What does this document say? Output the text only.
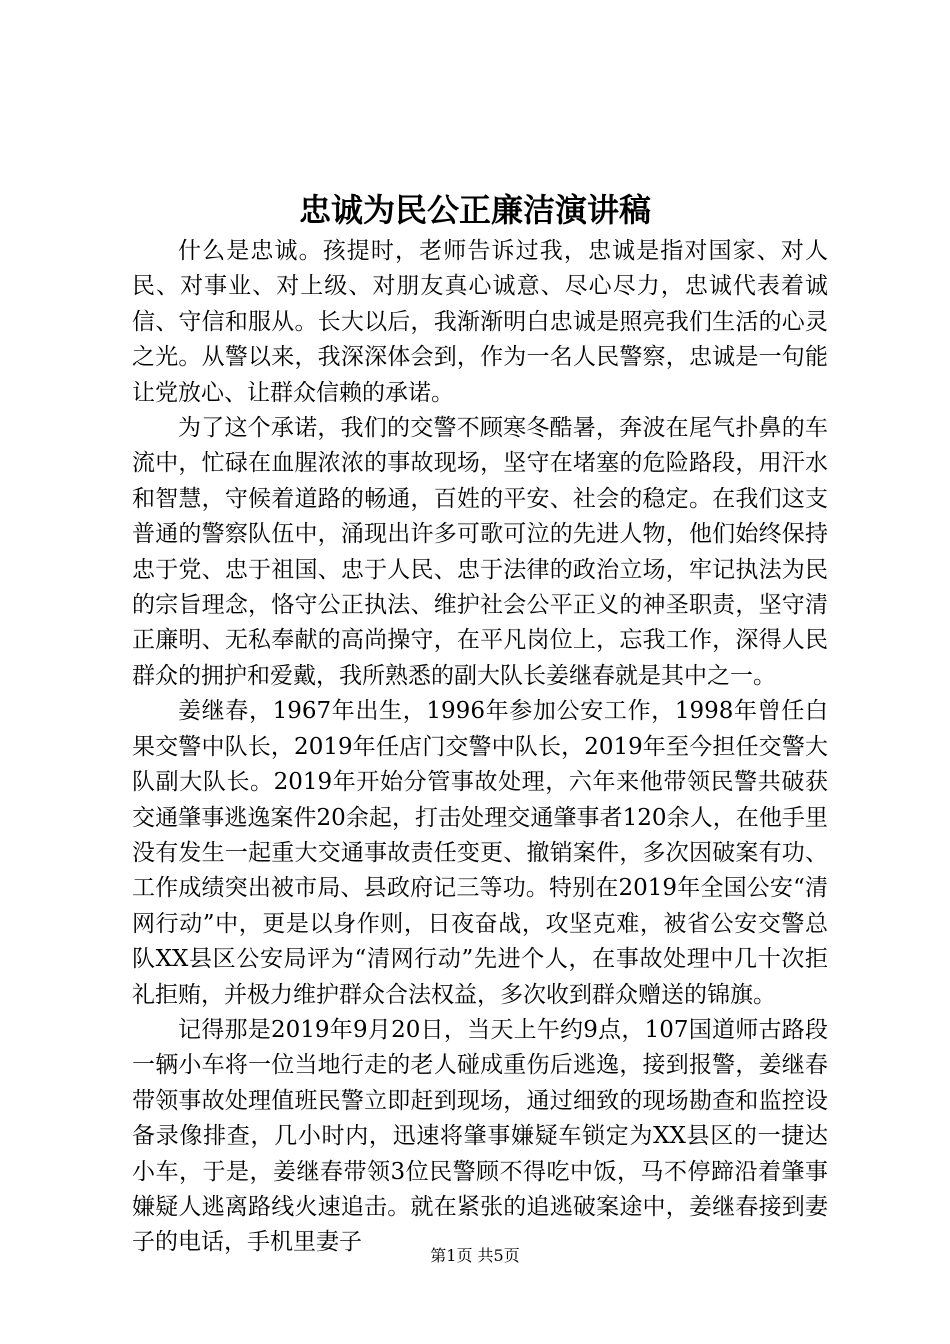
忠诚为民公正廉洁演讲稿

什么是忠诚。孩提时，老师告诉过我，忠诚是指对国家、对人民、对事业、对上级、对朋友真心诚意、尽心尽力，忠诚代表着诚信、守信和服从。长大以后，我渐渐明白忠诚是照亮我们生活的心灵之光。从警以来，我深深体会到，作为一名人民警察，忠诚是一句能让党放心、让群众信赖的承诺。

为了这个承诺，我们的交警不顾寒冬酷暑，奔波在尾气扑鼻的车流中，忙碌在血腥浓浓的事故现场，坚守在堵塞的危险路段，用汗水和智慧，守候着道路的畅通，百姓的平安、社会的稳定。在我们这支普通的警察队伍中，涌现出许多可歌可泣的先进人物，他们始终保持忠于党、忠于祖国、忠于人民、忠于法律的政治立场，牢记执法为民的宗旨理念，恪守公正执法、维护社会公平正义的神圣职责，坚守清正廉明、无私奉献的高尚操守，在平凡岗位上，忘我工作，深得人民群众的拥护和爱戴，我所熟悉的副大队长姜继春就是其中之一。

姜继春，1967年出生，1996年参加公安工作，1998年曾任白果交警中队长，2019年任店门交警中队长，2019年至今担任交警大队副大队长。2019年开始分管事故处理，六年来他带领民警共破获交通肇事逃逸案件20余起，打击处理交通肇事者120余人，在他手里没有发生一起重大交通事故责任变更、撤销案件，多次因破案有功、工作成绩突出被市局、县政府记三等功。特别在2019年全国公安“清网行动”中，更是以身作则，日夜奋战，攻坚克难，被省公安交警总队XX县区公安局评为“清网行动”先进个人，在事故处理中几十次拒礼拒贿，并极力维护群众合法权益，多次收到群众赠送的锦旗。

记得那是2019年9月20日，当天上午约9点，107国道师古路段一辆小车将一位当地行走的老人碰成重伤后逃逸，接到报警，姜继春带领事故处理值班民警立即赶到现场，通过细致的现场勘查和监控设备录像排查，几小时内，迅速将肇事嫌疑车锁定为XX县区的一捷达小车，于是，姜继春带领3位民警顾不得吃中饭，马不停蹄沿着肇事嫌疑人逃离路线火速追击。就在紧张的追逃破案途中，姜继春接到妻子的电话，手机里妻子

第1页 共5页
